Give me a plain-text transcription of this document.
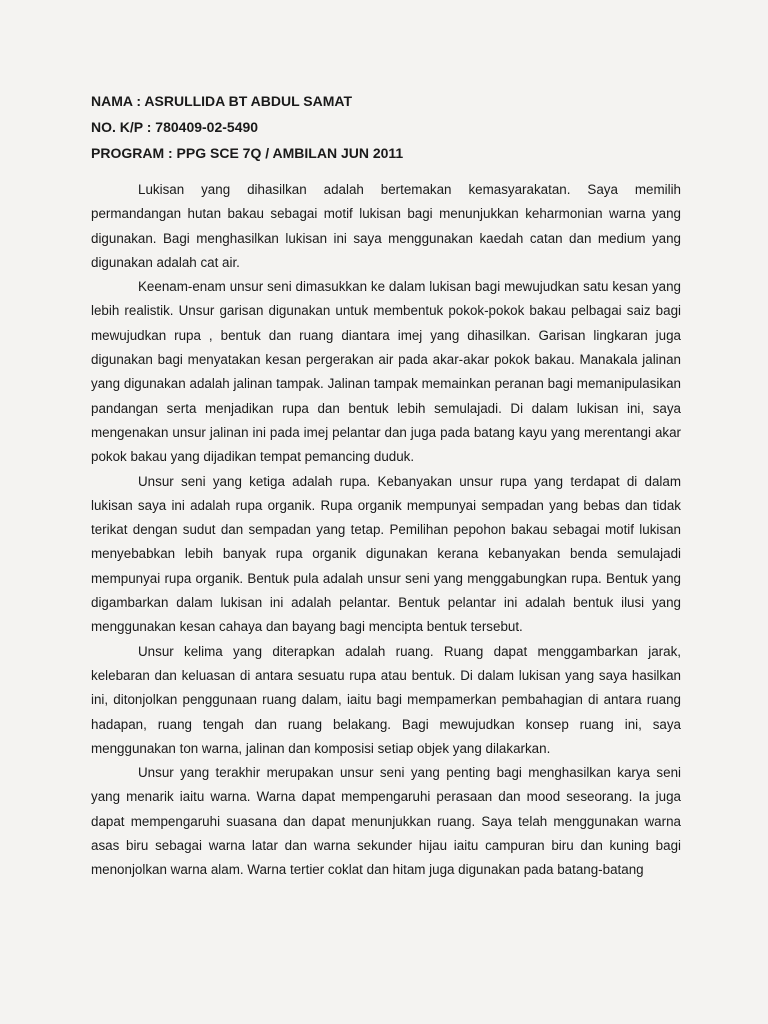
NAMA : ASRULLIDA BT ABDUL SAMAT
NO. K/P : 780409-02-5490
PROGRAM : PPG SCE 7Q / AMBILAN JUN 2011

Lukisan yang dihasilkan adalah bertemakan kemasyarakatan. Saya memilih permandangan hutan bakau sebagai motif lukisan bagi menunjukkan keharmonian warna yang digunakan. Bagi menghasilkan lukisan ini saya menggunakan kaedah catan dan medium yang digunakan adalah cat air.

Keenam-enam unsur seni dimasukkan ke dalam lukisan bagi mewujudkan satu kesan yang lebih realistik. Unsur garisan digunakan untuk membentuk pokok-pokok bakau pelbagai saiz bagi mewujudkan rupa , bentuk dan ruang diantara imej yang dihasilkan. Garisan lingkaran juga digunakan bagi menyatakan kesan pergerakan air pada akar-akar pokok bakau. Manakala jalinan yang digunakan adalah jalinan tampak. Jalinan tampak memainkan peranan bagi memanipulasikan pandangan serta menjadikan rupa dan bentuk lebih semulajadi. Di dalam lukisan ini, saya mengenakan unsur jalinan ini pada imej pelantar dan juga pada batang kayu yang merentangi akar pokok bakau yang dijadikan tempat pemancing duduk.

Unsur seni yang ketiga adalah rupa. Kebanyakan unsur rupa yang terdapat di dalam lukisan saya ini adalah rupa organik. Rupa organik mempunyai sempadan yang bebas dan tidak terikat dengan sudut dan sempadan yang tetap. Pemilihan pepohon bakau sebagai motif lukisan menyebabkan lebih banyak rupa organik digunakan kerana kebanyakan benda semulajadi mempunyai rupa organik. Bentuk pula adalah unsur seni yang menggabungkan rupa. Bentuk yang digambarkan dalam lukisan ini adalah pelantar. Bentuk pelantar ini adalah bentuk ilusi yang menggunakan kesan cahaya dan bayang bagi mencipta bentuk tersebut.

Unsur kelima yang diterapkan adalah ruang. Ruang dapat menggambarkan jarak, kelebaran dan keluasan di antara sesuatu rupa atau bentuk. Di dalam lukisan yang saya hasilkan ini, ditonjolkan penggunaan ruang dalam, iaitu bagi mempamerkan pembahagian di antara ruang hadapan, ruang tengah dan ruang belakang. Bagi mewujudkan konsep ruang ini, saya menggunakan ton warna, jalinan dan komposisi setiap objek yang dilakarkan.

Unsur yang terakhir merupakan unsur seni yang penting bagi menghasilkan karya seni yang menarik iaitu warna. Warna dapat mempengaruhi perasaan dan mood seseorang. Ia juga dapat mempengaruhi suasana dan dapat menunjukkan ruang. Saya telah menggunakan warna asas biru sebagai warna latar dan warna sekunder hijau iaitu campuran biru dan kuning bagi menonjolkan warna alam. Warna tertier coklat dan hitam juga digunakan pada batang-batang
